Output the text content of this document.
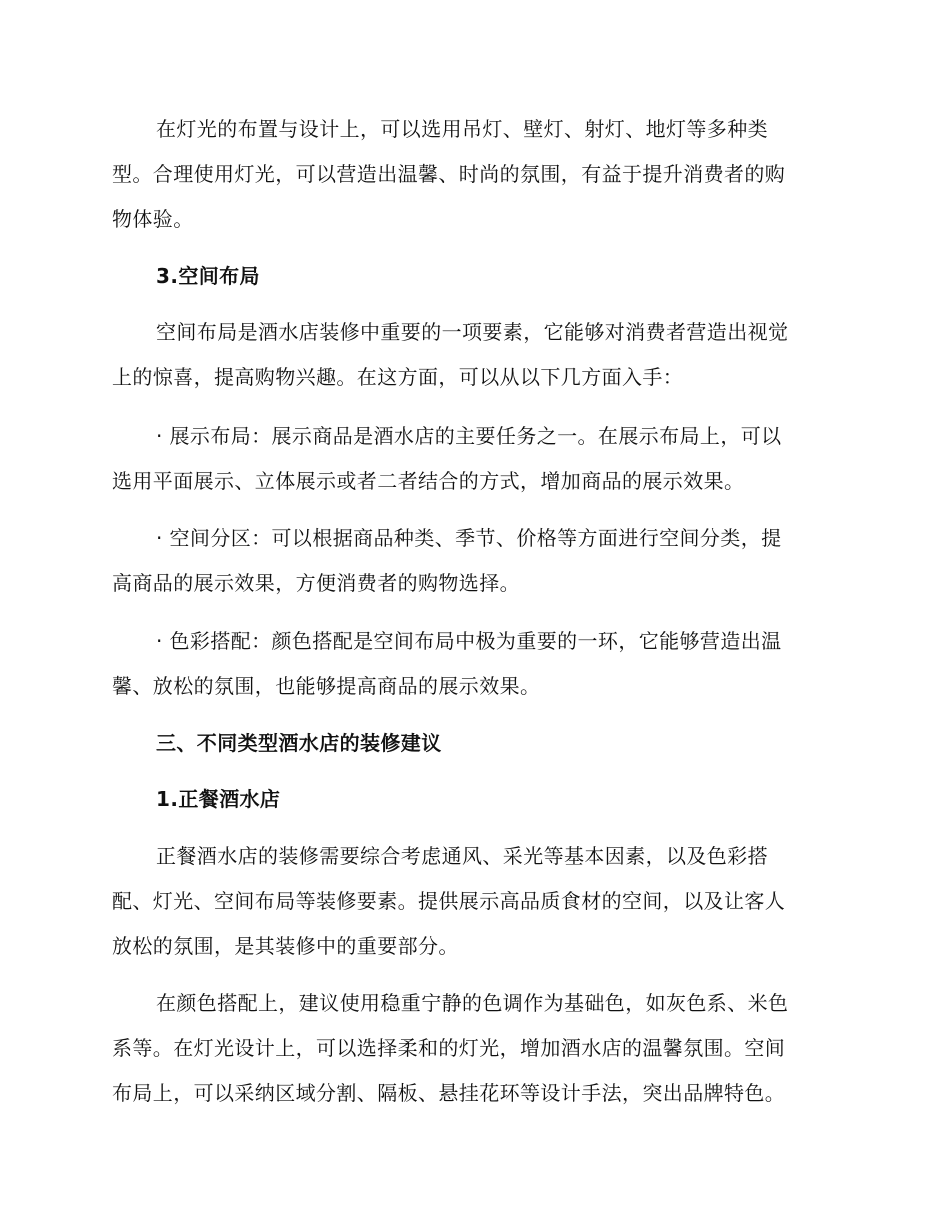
在灯光的布置与设计上，可以选用吊灯、壁灯、射灯、地灯等多种类
型。合理使用灯光，可以营造出温馨、时尚的氛围，有益于提升消费者的购
物体验。

3.空间布局

空间布局是酒水店装修中重要的一项要素，它能够对消费者营造出视觉
上的惊喜，提高购物兴趣。在这方面，可以从以下几方面入手：

· 展示布局：展示商品是酒水店的主要任务之一。在展示布局上，可以
选用平面展示、立体展示或者二者结合的方式，增加商品的展示效果。

· 空间分区：可以根据商品种类、季节、价格等方面进行空间分类，提
高商品的展示效果，方便消费者的购物选择。

· 色彩搭配：颜色搭配是空间布局中极为重要的一环，它能够营造出温
馨、放松的氛围，也能够提高商品的展示效果。

三、不同类型酒水店的装修建议

1.正餐酒水店

正餐酒水店的装修需要综合考虑通风、采光等基本因素，以及色彩搭
配、灯光、空间布局等装修要素。提供展示高品质食材的空间，以及让客人
放松的氛围，是其装修中的重要部分。

在颜色搭配上，建议使用稳重宁静的色调作为基础色，如灰色系、米色
系等。在灯光设计上，可以选择柔和的灯光，增加酒水店的温馨氛围。空间
布局上，可以采纳区域分割、隔板、悬挂花环等设计手法，突出品牌特色。
